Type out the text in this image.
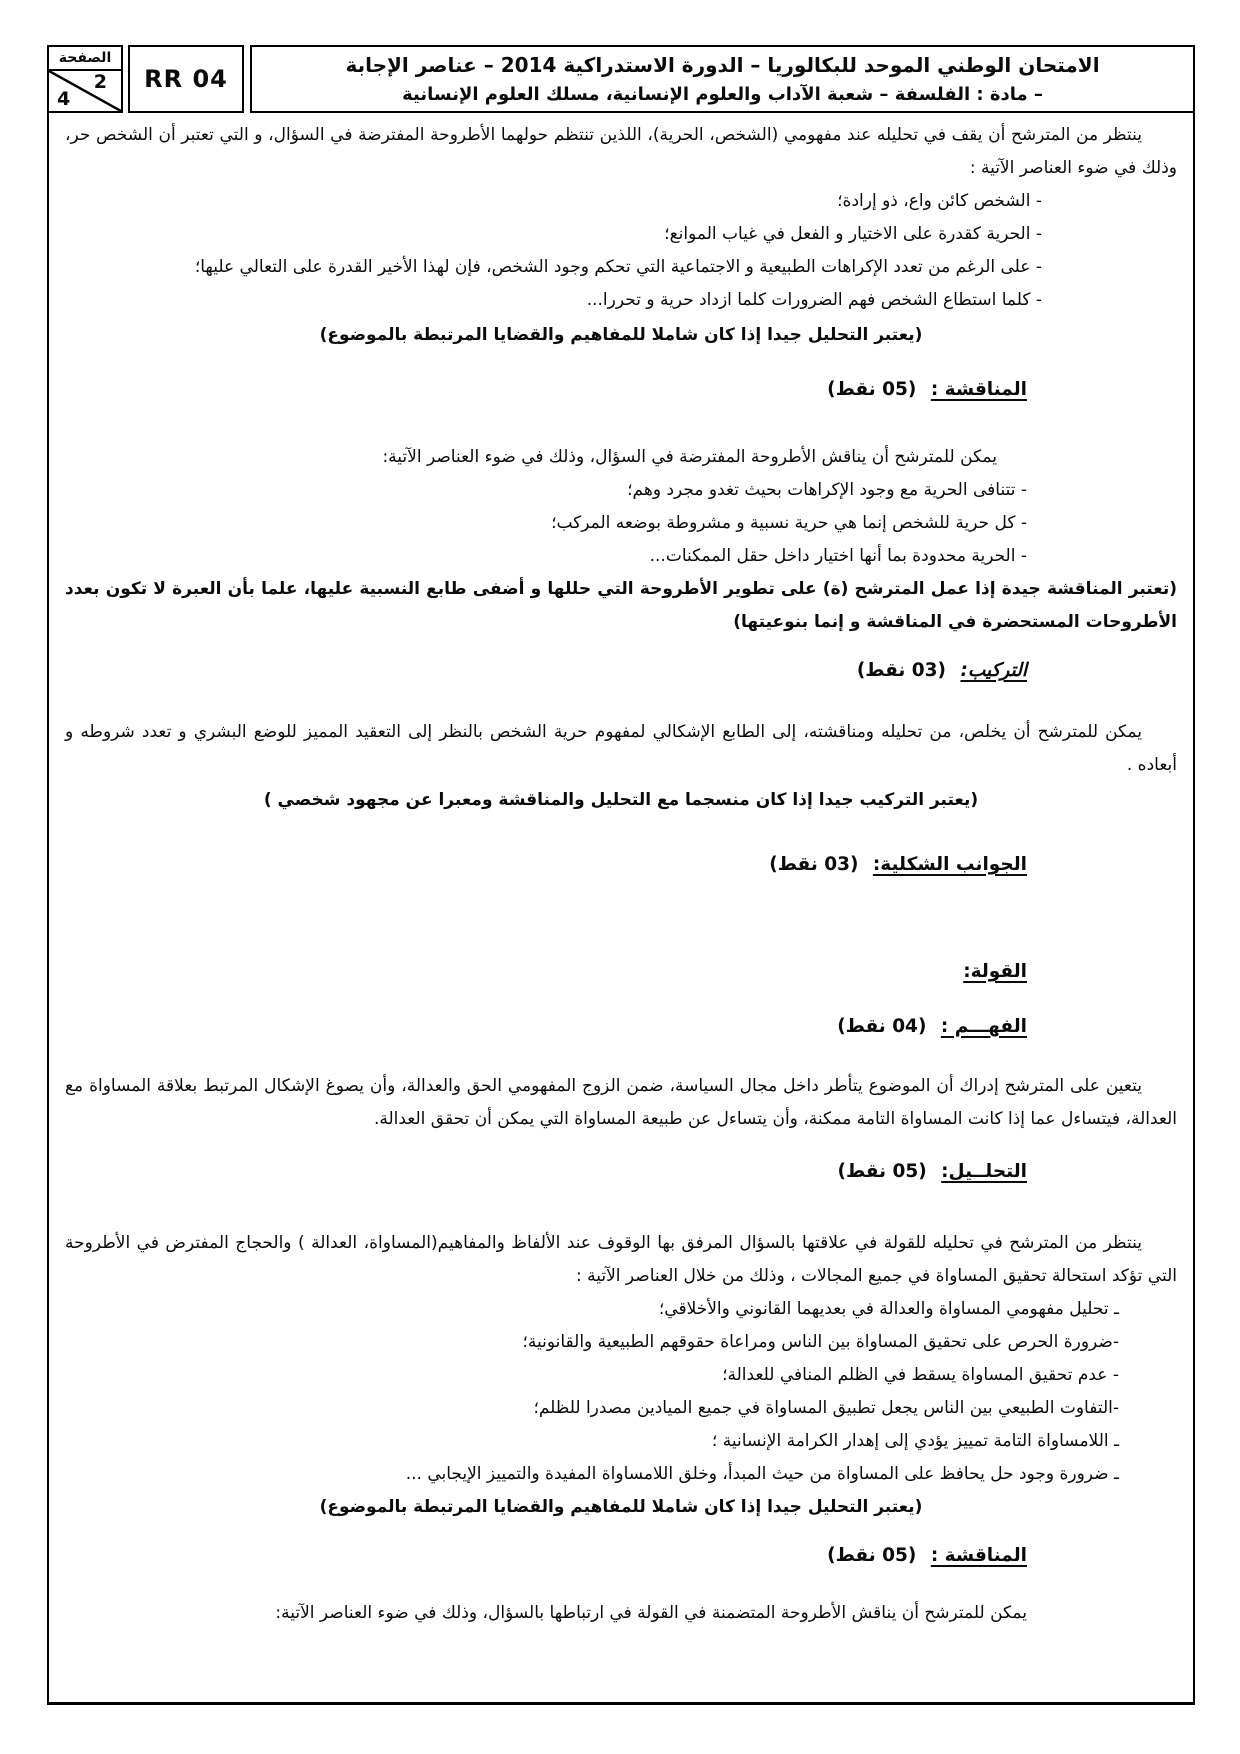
الصفحة
2
4
RR 04	الامتحان الوطني الموحد للبكالوريا – الدورة الاستدراكية 2014 – عناصر الإجابة
– مادة : الفلسفة – شعبة الآداب والعلوم الإنسانية، مسلك العلوم الإنسانية
ينتظر من المترشح أن يقف في تحليله عند مفهومي (الشخص، الحرية)، اللذين تنتظم حولهما الأطروحة المفترضة في السؤال، و التي تعتبر أن الشخص حر، وذلك في ضوء العناصر الآتية :
- الشخص كائن واع، ذو إرادة؛
- الحرية كقدرة على الاختيار و الفعل في غياب الموانع؛
- على الرغم من تعدد الإكراهات الطبيعية و الاجتماعية التي تحكم وجود الشخص، فإن لهذا الأخير القدرة على التعالي عليها؛
- كلما استطاع الشخص فهم الضرورات كلما ازداد حرية و تحررا...
(يعتبر التحليل جيدا إذا كان شاملا للمفاهيم والقضايا المرتبطة بالموضوع)
المناقشة : (05 نقط)
يمكن للمترشح أن يناقش الأطروحة المفترضة في السؤال، وذلك في ضوء العناصر الآتية:
- تتنافى الحرية مع وجود الإكراهات بحيث تغدو مجرد وهم؛
- كل حرية للشخص إنما هي حرية نسبية و مشروطة بوضعه المركب؛
- الحرية محدودة بما أنها اختيار داخل حقل الممكنات...
(تعتبر المناقشة جيدة إذا عمل المترشح (ة) على تطوير الأطروحة التي حللها و أضفى طابع النسبية عليها، علما بأن العبرة لا تكون بعدد الأطروحات المستحضرة في المناقشة و إنما بنوعيتها)
التركيب: (03 نقط)
يمكن للمترشح أن يخلص، من تحليله ومناقشته، إلى الطابع الإشكالي لمفهوم حرية الشخص بالنظر إلى التعقيد المميز للوضع البشري و تعدد شروطه و أبعاده .
(يعتبر التركيب جيدا إذا كان منسجما مع التحليل والمناقشة ومعبرا عن مجهود شخصي )
الجوانب الشكلية: (03 نقط)
القولة:
الفهـــم : (04 نقط)
يتعين على المترشح إدراك أن الموضوع يتأطر داخل مجال السياسة، ضمن الزوج المفهومي الحق والعدالة، وأن يصوغ الإشكال المرتبط بعلاقة المساواة مع العدالة، فيتساءل عما إذا كانت المساواة التامة ممكنة، وأن يتساءل عن طبيعة المساواة التي يمكن أن تحقق العدالة.
التحلــيل: (05 نقط)
ينتظر من المترشح في تحليله للقولة في علاقتها بالسؤال المرفق بها الوقوف عند الألفاظ والمفاهيم(المساواة، العدالة ) والحجاج المفترض في الأطروحة التي تؤكد استحالة تحقيق المساواة في جميع المجالات ، وذلك من خلال العناصر الآتية :
ـ تحليل مفهومي المساواة والعدالة في بعديهما القانوني والأخلاقي؛
-ضرورة الحرص على تحقيق المساواة بين الناس ومراعاة حقوقهم الطبيعية والقانونية؛
- عدم تحقيق المساواة يسقط في الظلم المنافي للعدالة؛
-التفاوت الطبيعي بين الناس يجعل تطبيق المساواة في جميع الميادين مصدرا للظلم؛
ـ اللامساواة التامة تمييز يؤدي إلى إهدار الكرامة الإنسانية ؛
ـ ضرورة وجود حل يحافظ على المساواة من حيث المبدأ، وخلق اللامساواة المفيدة والتمييز الإيجابي ...
(يعتبر التحليل جيدا إذا كان شاملا للمفاهيم والقضايا المرتبطة بالموضوع)
المناقشة : (05 نقط)
يمكن للمترشح أن يناقش الأطروحة المتضمنة في القولة في ارتباطها بالسؤال، وذلك في ضوء العناصر الآتية:
